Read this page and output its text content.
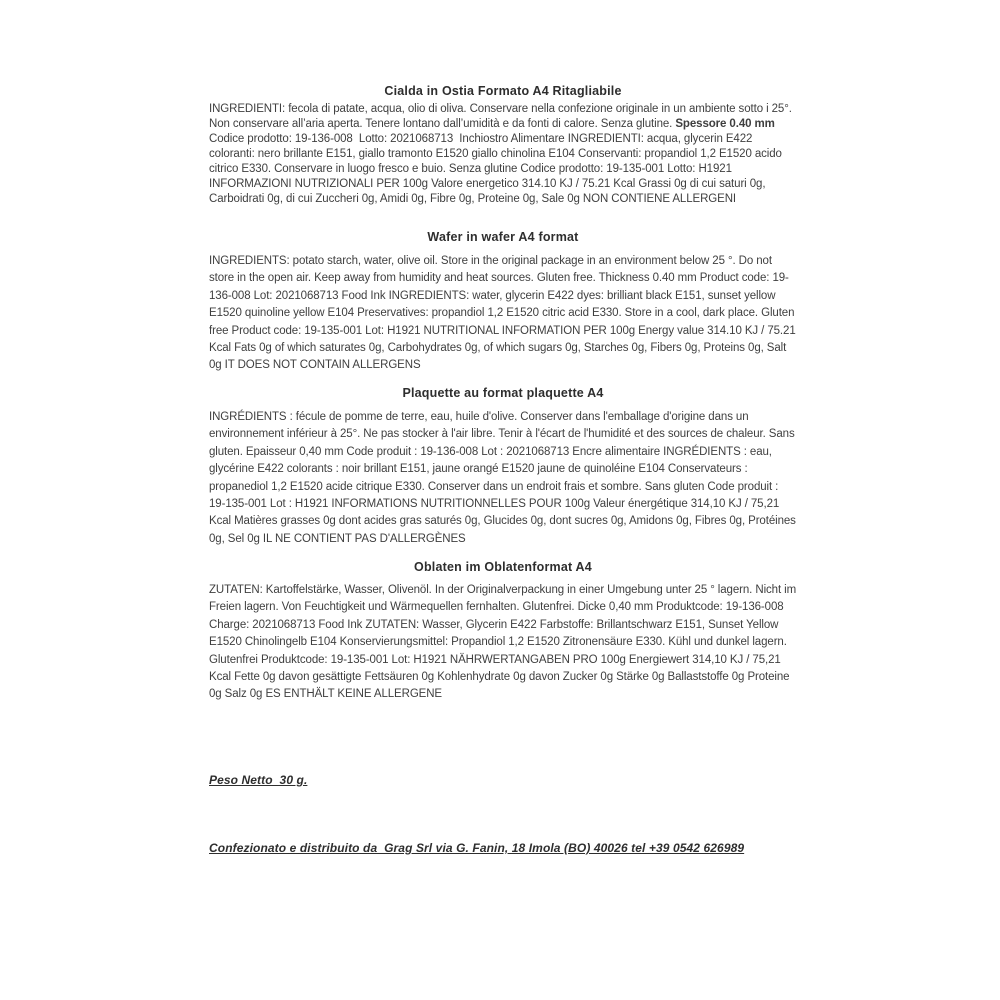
Cialda in Ostia Formato A4 Ritagliabile

INGREDIENTI: fecola di patate, acqua, olio di oliva. Conservare nella confezione originale in un ambiente sotto i 25°. Non conservare all’aria aperta. Tenere lontano dall’umidità e da fonti di calore. Senza glutine. Spessore 0.40 mm Codice prodotto: 19-136-008  Lotto: 2021068713  Inchiostro Alimentare INGREDIENTI: acqua, glycerin E422 coloranti: nero brillante E151, giallo tramonto E1520 giallo chinolina E104 Conservanti: propandiol 1,2 E1520 acido citrico E330. Conservare in luogo fresco e buio. Senza glutine Codice prodotto: 19-135-001 Lotto: H1921 INFORMAZIONI NUTRIZIONALI PER 100g Valore energetico 314.10 KJ / 75.21 Kcal Grassi 0g di cui saturi 0g, Carboidrati 0g, di cui Zuccheri 0g, Amidi 0g, Fibre 0g, Proteine 0g, Sale 0g NON CONTIENE ALLERGENI

Wafer in wafer A4 format

INGREDIENTS: potato starch, water, olive oil. Store in the original package in an environment below 25 °. Do not store in the open air. Keep away from humidity and heat sources. Gluten free. Thickness 0.40 mm Product code: 19-136-008 Lot: 2021068713 Food Ink INGREDIENTS: water, glycerin E422 dyes: brilliant black E151, sunset yellow E1520 quinoline yellow E104 Preservatives: propandiol 1,2 E1520 citric acid E330. Store in a cool, dark place. Gluten free Product code: 19-135-001 Lot: H1921 NUTRITIONAL INFORMATION PER 100g Energy value 314.10 KJ / 75.21 Kcal Fats 0g of which saturates 0g, Carbohydrates 0g, of which sugars 0g, Starches 0g, Fibers 0g, Proteins 0g, Salt 0g IT DOES NOT CONTAIN ALLERGENS

Plaquette au format plaquette A4

INGRÉDIENTS : fécule de pomme de terre, eau, huile d'olive. Conserver dans l'emballage d'origine dans un environnement inférieur à 25°. Ne pas stocker à l'air libre. Tenir à l'écart de l'humidité et des sources de chaleur. Sans gluten. Epaisseur 0,40 mm Code produit : 19-136-008 Lot : 2021068713 Encre alimentaire INGRÉDIENTS : eau, glycérine E422 colorants : noir brillant E151, jaune orangé E1520 jaune de quinoléine E104 Conservateurs : propanediol 1,2 E1520 acide citrique E330. Conserver dans un endroit frais et sombre. Sans gluten Code produit : 19-135-001 Lot : H1921 INFORMATIONS NUTRITIONNELLES POUR 100g Valeur énergétique 314,10 KJ / 75,21 Kcal Matières grasses 0g dont acides gras saturés 0g, Glucides 0g, dont sucres 0g, Amidons 0g, Fibres 0g, Protéines 0g, Sel 0g IL NE CONTIENT PAS D'ALLERGÈNES

Oblaten im Oblatenformat A4

ZUTATEN: Kartoffelstärke, Wasser, Olivenöl. In der Originalverpackung in einer Umgebung unter 25 ° lagern. Nicht im Freien lagern. Von Feuchtigkeit und Wärmequellen fernhalten. Glutenfrei. Dicke 0,40 mm Produktcode: 19-136-008 Charge: 2021068713 Food Ink ZUTATEN: Wasser, Glycerin E422 Farbstoffe: Brillantschwarz E151, Sunset Yellow E1520 Chinolingelb E104 Konservierungsmittel: Propandiol 1,2 E1520 Zitronensäure E330. Kühl und dunkel lagern. Glutenfrei Produktcode: 19-135-001 Lot: H1921 NÄHRWERTANGABEN PRO 100g Energiewert 314,10 KJ / 75,21 Kcal Fette 0g davon gesättigte Fettsäuren 0g Kohlenhydrate 0g davon Zucker 0g Stärke 0g Ballaststoffe 0g Proteine 0g Salz 0g ES ENTHÄLT KEINE ALLERGENE

Peso Netto  30 g.

Confezionato e distribuito da  Grag Srl via G. Fanin, 18 Imola (BO) 40026 tel +39 0542 626989
